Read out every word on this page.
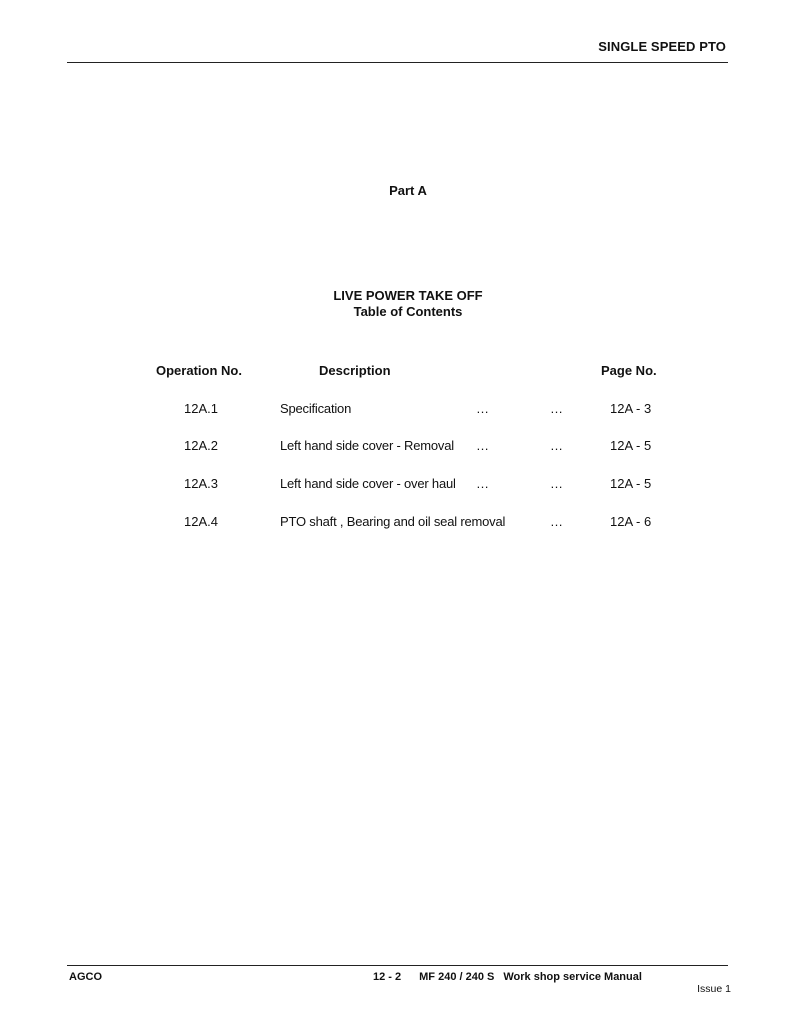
SINGLE SPEED PTO
Part A
LIVE POWER TAKE OFF
Table of Contents
Operation No.	Description	Page No.
12A.1	Specification	…	…	12A - 3
12A.2	Left hand side cover - Removal …	…	12A - 5
12A.3	Left hand side cover - over haul …	…	12A - 5
12A.4	PTO shaft , Bearing and oil seal removal	…	12A - 6
AGCO	12 - 2 MF 240 / 240 S Work shop service Manual
Issue 1
